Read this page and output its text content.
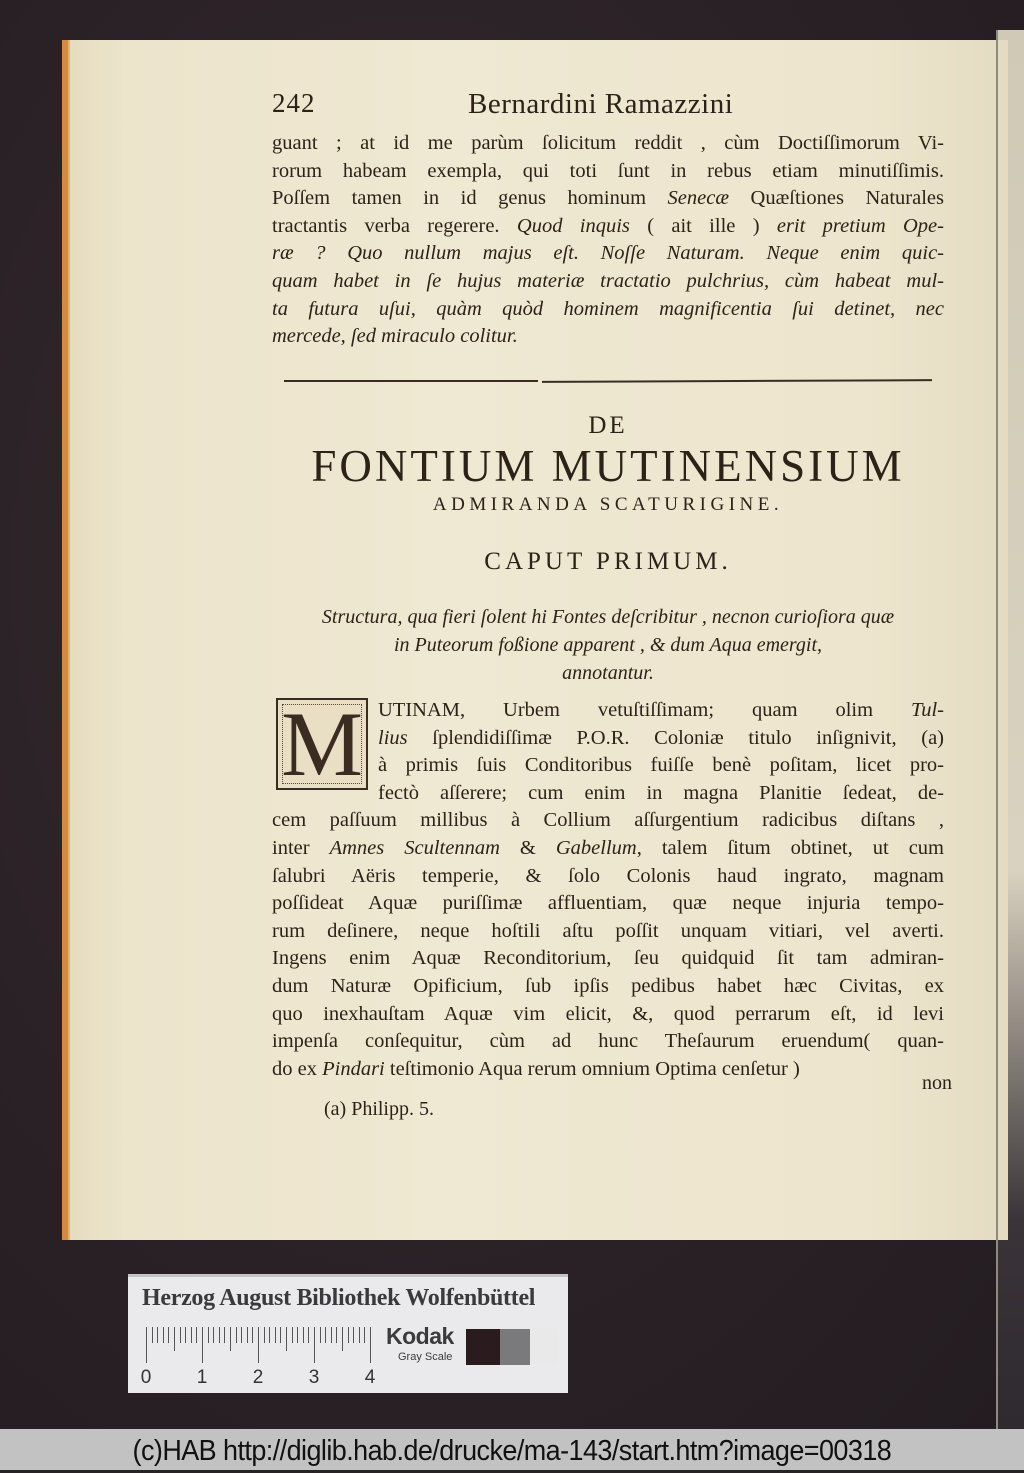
242	Bernardini Ramazzini
guant ; at id me parùm ſolicitum reddit , cùm Doctiſſimorum Vi-
rorum habeam exempla, qui toti ſunt in rebus etiam minutiſſimis.
Poſſem tamen in id genus hominum Senecæ Quæſtiones Naturales
tractantis verba regerere. Quod inquis ( ait ille ) erit pretium Ope-
ræ ? Quo nullum majus eſt. Noſſe Naturam. Neque enim quic-
quam habet in ſe hujus materiæ tractatio pulchrius, cùm habeat mul-
ta futura uſui, quàm quòd hominem magnificentia ſui detinet, nec
mercede, ſed miraculo colitur.
DE
FONTIUM MUTINENSIUM
ADMIRANDA SCATURIGINE.
CAPUT PRIMUM.
Structura, qua fieri ſolent hi Fontes deſcribitur , necnon curioſiora quæ
in Puteorum foßione apparent , & dum Aqua emergit,
annotantur.
M UTINAM, Urbem vetuſtiſſimam; quam olim Tul-
lius ſplendidiſſimæ P.O.R. Coloniæ titulo inſignivit, (a)
à primis ſuis Conditoribus fuiſſe benè poſitam, licet pro-
fectò aſſerere; cum enim in magna Planitie ſedeat, de-
cem paſſuum millibus à Collium aſſurgentium radicibus diſtans ,
inter Amnes Scultennam & Gabellum, talem ſitum obtinet, ut cum
ſalubri Aëris temperie, & ſolo Colonis haud ingrato, magnam
poſſideat Aquæ puriſſimæ affluentiam, quæ neque injuria tempo-
rum deſinere, neque hoſtili aſtu poſſit unquam vitiari, vel averti.
Ingens enim Aquæ Reconditorium, ſeu quidquid ſit tam admiran-
dum Naturæ Opificium, ſub ipſis pedibus habet hæc Civitas, ex
quo inexhauſtam Aquæ vim elicit, &, quod perrarum eſt, id levi
impenſa conſequitur, cùm ad hunc Theſaurum eruendum( quan-
do ex Pindari teſtimonio Aqua rerum omnium Optima cenſetur )
non
(a) Philipp. 5.
Herzog August Bibliothek Wolfenbüttel
0 1 2 3 4
Kodak
Gray Scale
(c)HAB http://diglib.hab.de/drucke/ma-143/start.htm?image=00318
